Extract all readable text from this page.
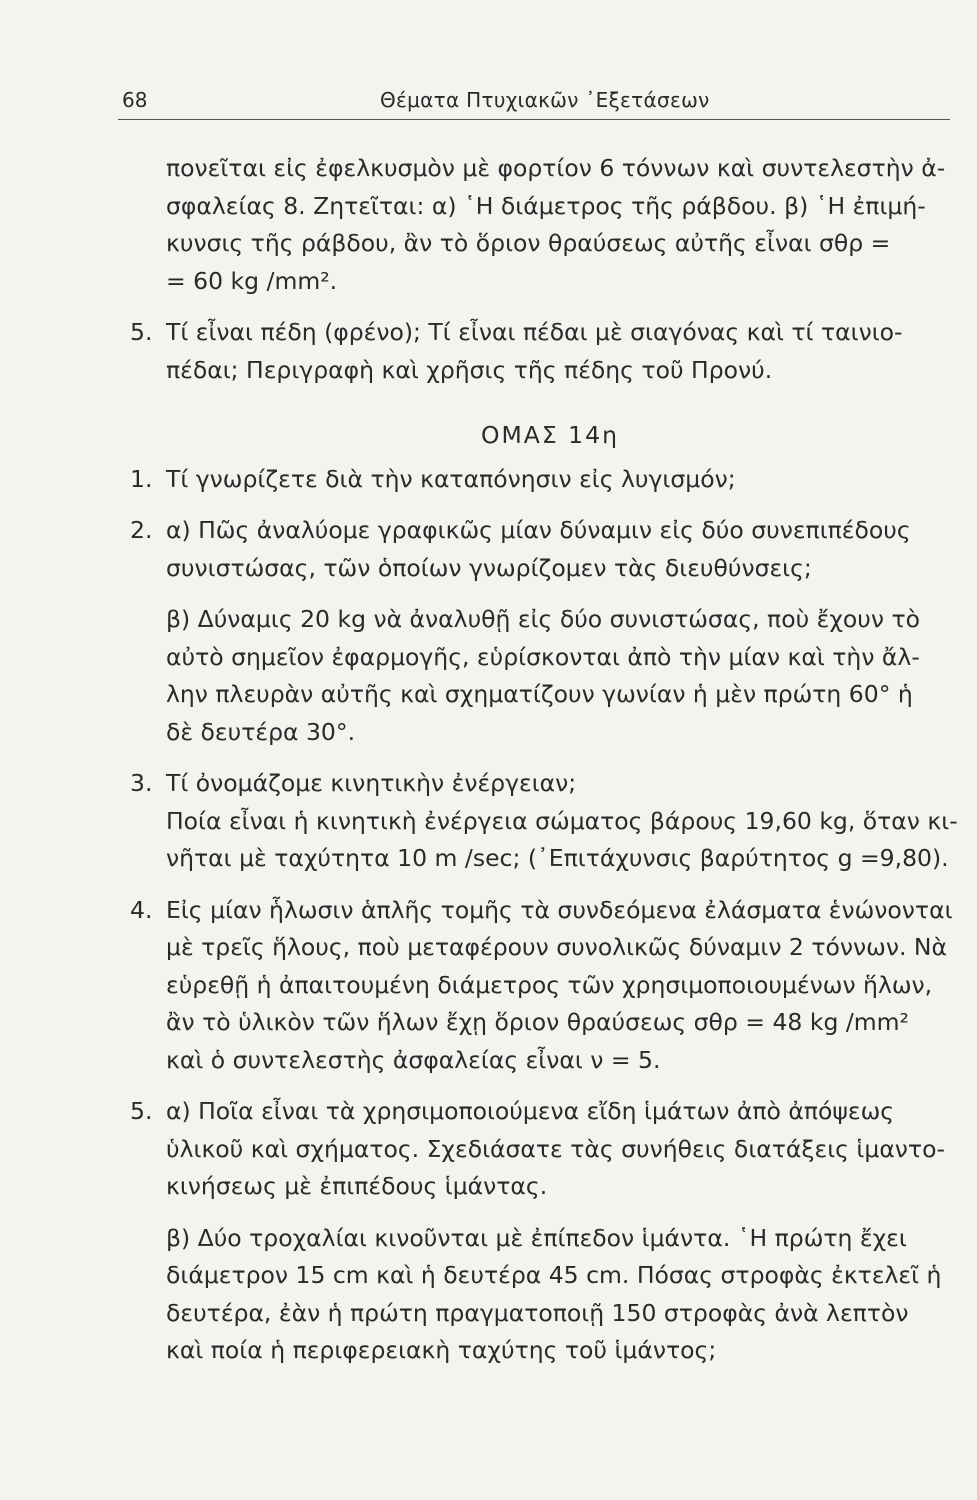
68	Θέματα Πτυχιακῶν ᾿Εξετάσεων
πονεῖται εἰς ἐφελκυσμὸν μὲ φορτίον 6 τόννων καὶ συντελεστὴν ἀ-
σφαλείας 8. Ζητεῖται: α) ῾Η διάμετρος τῆς ράβδου. β) ῾Η ἐπιμή-
κυνσις τῆς ράβδου, ἂν τὸ ὅριον θραύσεως αὐτῆς εἶναι σθρ =
= 60 kg /mm².
5. Τί εἶναι πέδη (φρένο); Τί εἶναι πέδαι μὲ σιαγόνας καὶ τί ταινιο-
πέδαι; Περιγραφὴ καὶ χρῆσις τῆς πέδης τοῦ Προνύ.
ΟΜΑΣ 14η
1. Τί γνωρίζετε διὰ τὴν καταπόνησιν εἰς λυγισμόν;
2. α) Πῶς ἀναλύομε γραφικῶς μίαν δύναμιν εἰς δύο συνεπιπέδους
συνιστώσας, τῶν ὁποίων γνωρίζομεν τὰς διευθύνσεις;
β) Δύναμις 20 kg νὰ ἀναλυθῇ εἰς δύο συνιστώσας, ποὺ ἔχουν τὸ
αὐτὸ σημεῖον ἐφαρμογῆς, εὑρίσκονται ἀπὸ τὴν μίαν καὶ τὴν ἄλ-
λην πλευρὰν αὐτῆς καὶ σχηματίζουν γωνίαν ἡ μὲν πρώτη 60° ἡ
δὲ δευτέρα 30°.
3. Τί ὀνομάζομε κινητικὴν ἐνέργειαν;
Ποία εἶναι ἡ κινητικὴ ἐνέργεια σώματος βάρους 19,60 kg, ὅταν κι-
νῆται μὲ ταχύτητα 10 m /sec; (᾿Επιτάχυνσις βαρύτητος g =9,80).
4. Εἰς μίαν ἧλωσιν ἁπλῆς τομῆς τὰ συνδεόμενα ἐλάσματα ἑνώνονται
μὲ τρεῖς ἥλους, ποὺ μεταφέρουν συνολικῶς δύναμιν 2 τόννων. Νὰ
εὑρεθῇ ἡ ἀπαιτουμένη διάμετρος τῶν χρησιμοποιουμένων ἥλων,
ἂν τὸ ὑλικὸν τῶν ἥλων ἔχῃ ὅριον θραύσεως σθρ = 48 kg /mm²
καὶ ὁ συντελεστὴς ἀσφαλείας εἶναι ν = 5.
5. α) Ποῖα εἶναι τὰ χρησιμοποιούμενα εἴδη ἱμάτων ἀπὸ ἀπόψεως
ὑλικοῦ καὶ σχήματος. Σχεδιάσατε τὰς συνήθεις διατάξεις ἱμαντο-
κινήσεως μὲ ἐπιπέδους ἱμάντας.
β) Δύο τροχαλίαι κινοῦνται μὲ ἐπίπεδον ἱμάντα. ῾Η πρώτη ἔχει
διάμετρον 15 cm καὶ ἡ δευτέρα 45 cm. Πόσας στροφὰς ἐκτελεῖ ἡ
δευτέρα, ἐὰν ἡ πρώτη πραγματοποιῇ 150 στροφὰς ἀνὰ λεπτὸν
καὶ ποία ἡ περιφερειακὴ ταχύτης τοῦ ἱμάντος;
